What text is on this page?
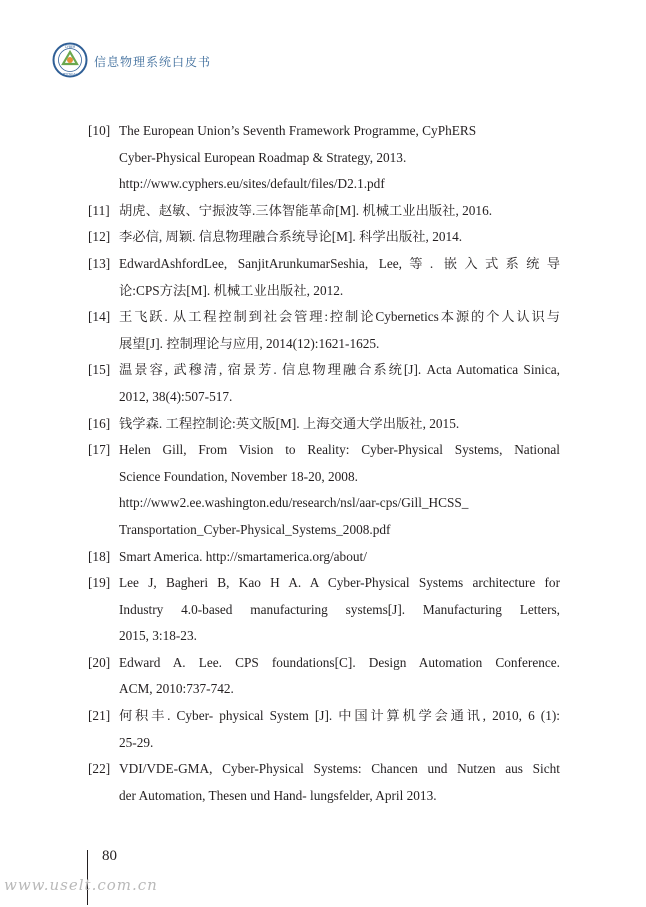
CYBER
PHYSICAL
信息物理系统白皮书
[10] The European Union’s Seventh Framework Programme, CyPhERS
Cyber-Physical European Roadmap & Strategy, 2013.
http://www.cyphers.eu/sites/default/files/D2.1.pdf
[11] 胡虎、赵敏、宁振波等.三体智能革命[M]. 机械工业出版社, 2016.
[12] 李必信, 周颖. 信息物理融合系统导论[M]. 科学出版社, 2014.
[13] EdwardAshfordLee, SanjitArunkumarSeshia, Lee,等. 嵌入式系统导
论:CPS方法[M]. 机械工业出版社, 2012.
[14] 王飞跃. 从工程控制到社会管理:控制论Cybernetics本源的个人认识与
展望[J]. 控制理论与应用, 2014(12):1621-1625.
[15] 温景容, 武穆清, 宿景芳. 信息物理融合系统[J]. Acta Automatica Sinica,
2012, 38(4):507-517.
[16] 钱学森. 工程控制论:英文版[M]. 上海交通大学出版社, 2015.
[17] Helen Gill, From Vision to Reality: Cyber-Physical Systems, National
Science Foundation, November 18-20, 2008.
http://www2.ee.washington.edu/research/nsl/aar-cps/Gill_HCSS_
Transportation_Cyber-Physical_Systems_2008.pdf
[18] Smart America. http://smartamerica.org/about/
[19] Lee J, Bagheri B, Kao H A. A Cyber-Physical Systems architecture for
Industry 4.0-based manufacturing systems[J]. Manufacturing Letters,
2015, 3:18-23.
[20] Edward A. Lee. CPS foundations[C]. Design Automation Conference.
ACM, 2010:737-742.
[21] 何积丰. Cyber- physical System [J]. 中国计算机学会通讯, 2010, 6 (1):
25-29.
[22] VDI/VDE-GMA, Cyber-Physical Systems: Chancen und Nutzen aus Sicht
der Automation, Thesen und Hand- lungsfelder, April 2013.
80
www.uselt.com.cn
